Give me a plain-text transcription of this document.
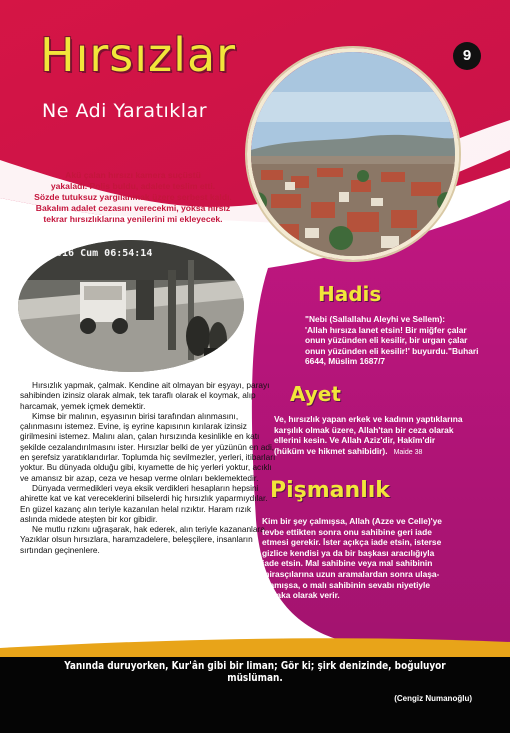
Hırsızlar
Ne Adi Yaratıklar
9
2016 Cum 06:54:14
Akü çalan hırsızı kamera suçüstü
yakaladı. Polis buldu, adalete teslim etti.
Sözde tutuksuz yargılanmak üzere serbest kaldı.
Bakalım adalet cezasını verecekmi, yoksa hırsız
tekrar hırsızlıklarına yenilerini mi ekleyecek.

Hırsızlık yapmak, çalmak. Kendine ait olmayan bir eşyayı, parayı sahibinden izinsiz olarak almak, tek taraflı olarak el koymak, alıp harcamak, yemek içmek demektir.

Kimse bir malının, eşyasının birisi tarafından alınmasını, çalınmasını istemez. Evine, iş eyrine kapısının kırılarak izinsiz girilmesini istemez. Malını alan, çalan hırsızında kesinlikle en katı şekilde cezalandırılmasını ister. Hırsızlar belki de yer yüzünün en adi, en şerefsiz yaratıklarıdırlar. Toplumda hiç sevilmezler, yerleri, itibarları yoktur. Bu dünyada olduğu gibi, kıyamette de hiç yerleri yoktur, acıklı ve amansız bir azap, ceza ve hesap verme olnları beklemektedir.

Dünyada vermedikleri veya eksik verdikleri hesapların hepsini ahirette kat ve kat vereceklerini bilselerdi hiç hırsızlık yaparmıydılar. En güzel kazanç alın teriyle kazanılan helal rızıktır. Haram rızık aslında midede ateşten bir kor gibidir.

Ne mutlu rızkını uğraşarak, hak ederek, alın teriyle kazananlara. Yazıklar olsun hırsızlara, haramzadelere, beleşçilere, insanların sırtından geçinenlere.

Hadis
"Nebi (Sallallahu Aleyhi ve Sellem):
'Allah hırsıza lanet etsin! Bir miğfer çalar
onun yüzünden eli kesilir, bir urgan çalar
onun yüzünden eli kesilir!' buyurdu."Buhari
6644, Müslim 1687/7
Ayet
Ve, hırsızlık yapan erkek ve kadının yaptıklarına
karşılık olmak üzere, Allah'tan bir ceza olarak
ellerini kesin. Ve Allah Aziz'dir, Hakîm'dir
(hüküm ve hikmet sahibidir). Maide 38
Pişmanlık
Kim bir şey çalmışsa, Allah (Azze ve Celle)'ye
tevbe ettikten sonra onu sahibine geri iade
etmesi gerekir. İster açıkça iade etsin, isterse
gizlice kendisi ya da bir başkası aracılığıyla
iade etsin. Mal sahibine veya mal sahibinin
mirasçılarına uzun aramalardan sonra ulaşa-
mamışsa, o malı sahibinin sevabı niyetiyle
sadaka olarak verir.
Yanında duruyorken, Kur'ân gibi bir liman; Gör ki; şirk denizinde, boğuluyor müslüman.
(Cengiz Numanoğlu)
